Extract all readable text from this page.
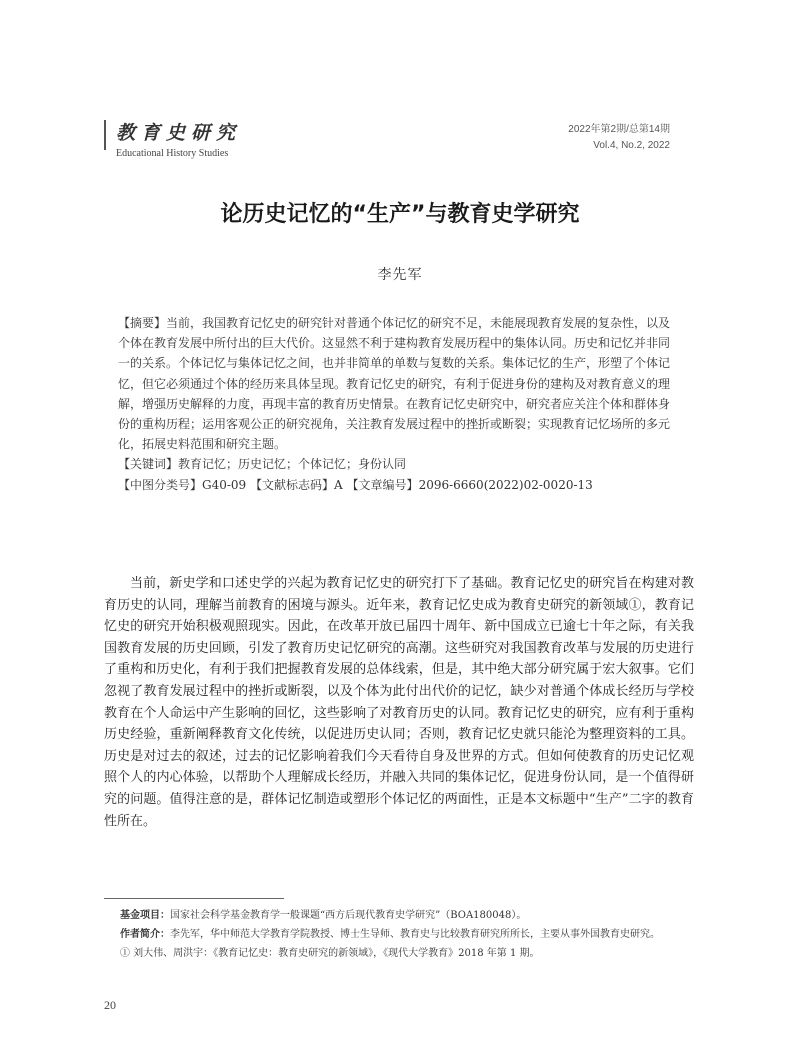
教育史研究
Educational History Studies
2022年第2期/总第14期
Vol.4, No.2, 2022
论历史记忆的“生产”与教育史学研究
李先军

【摘要】当前，我国教育记忆史的研究针对普通个体记忆的研究不足，未能展现教育发展的复杂性，以及个体在教育发展中所付出的巨大代价。这显然不利于建构教育发展历程中的集体认同。历史和记忆并非同一的关系。个体记忆与集体记忆之间，也并非简单的单数与复数的关系。集体记忆的生产，形塑了个体记忆，但它必须通过个体的经历来具体呈现。教育记忆史的研究，有利于促进身份的建构及对教育意义的理解，增强历史解释的力度，再现丰富的教育历史情景。在教育记忆史研究中，研究者应关注个体和群体身份的重构历程；运用客观公正的研究视角，关注教育发展过程中的挫折或断裂；实现教育记忆场所的多元化，拓展史料范围和研究主题。

【关键词】教育记忆；历史记忆；个体记忆；身份认同

【中图分类号】G40-09 【文献标志码】A 【文章编号】2096-6660(2022)02-0020-13

当前，新史学和口述史学的兴起为教育记忆史的研究打下了基础。教育记忆史的研究旨在构建对教育历史的认同，理解当前教育的困境与源头。近年来，教育记忆史成为教育史研究的新领域①，教育记忆史的研究开始积极观照现实。因此，在改革开放已届四十周年、新中国成立已逾七十年之际，有关我国教育发展的历史回顾，引发了教育历史记忆研究的高潮。这些研究对我国教育改革与发展的历史进行了重构和历史化，有利于我们把握教育发展的总体线索，但是，其中绝大部分研究属于宏大叙事。它们忽视了教育发展过程中的挫折或断裂，以及个体为此付出代价的记忆，缺少对普通个体成长经历与学校教育在个人命运中产生影响的回忆，这些影响了对教育历史的认同。教育记忆史的研究，应有利于重构历史经验，重新阐释教育文化传统，以促进历史认同；否则，教育记忆史就只能沦为整理资料的工具。历史是对过去的叙述，过去的记忆影响着我们今天看待自身及世界的方式。但如何使教育的历史记忆观照个人的内心体验，以帮助个人理解成长经历，并融入共同的集体记忆，促进身份认同，是一个值得研究的问题。值得注意的是，群体记忆制造或塑形个体记忆的两面性，正是本文标题中“生产”二字的教育性所在。

基金项目：国家社会科学基金教育学一般课题“西方后现代教育史学研究”（BOA180048）。
作者简介：李先军，华中师范大学教育学院教授、博士生导师、教育史与比较教育研究所所长，主要从事外国教育史研究。
① 刘大伟、周洪宇：《教育记忆史：教育史研究的新领域》，《现代大学教育》2018 年第 1 期。
20
